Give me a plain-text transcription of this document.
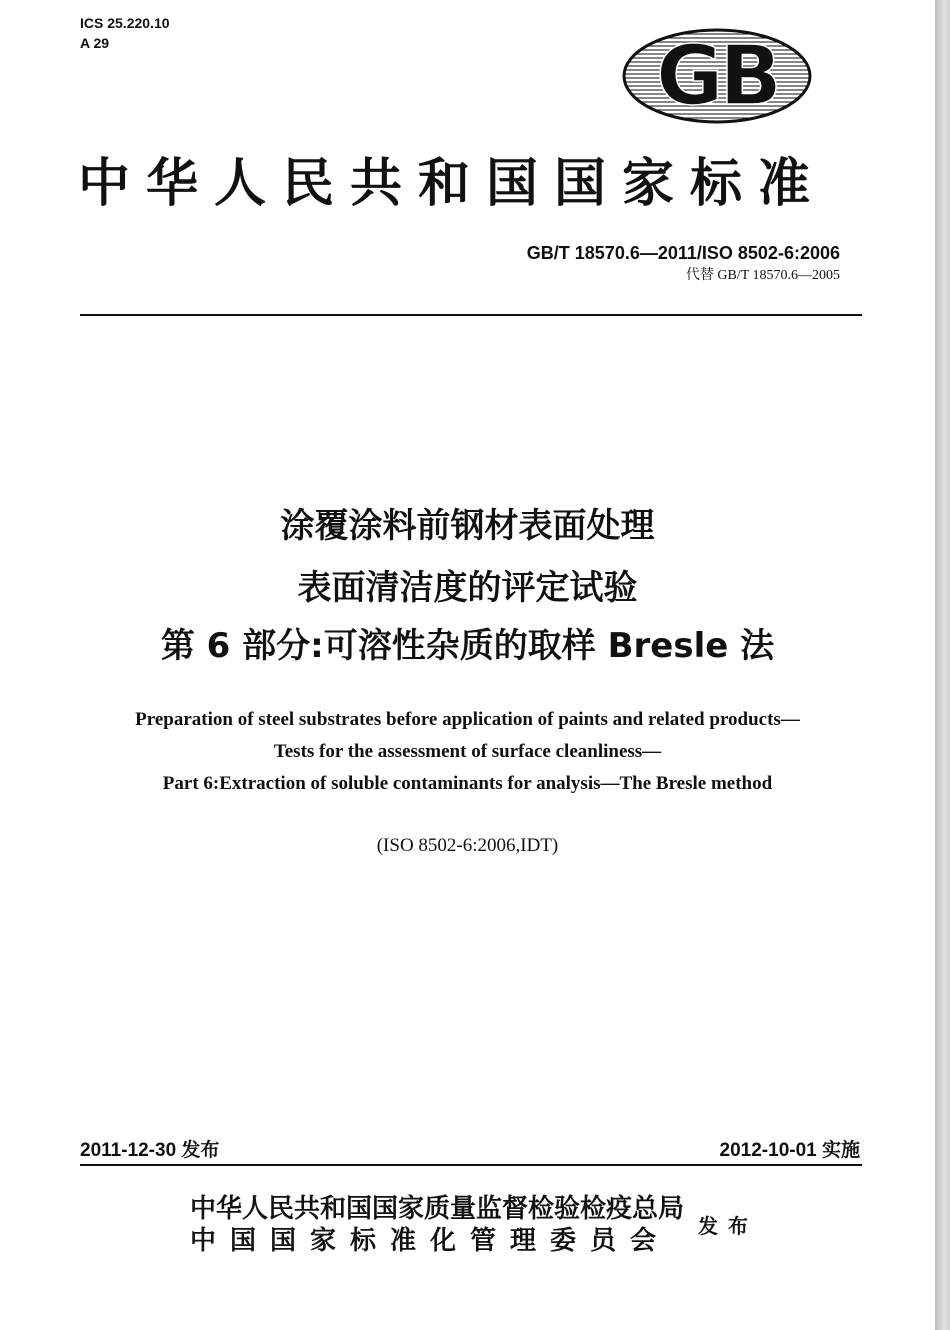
ICS 25.220.10
A 29	GB
中华人民共和国国家标准
GB/T 18570.6—2011/ISO 8502-6:2006
代替 GB/T 18570.6—2005
涂覆涂料前钢材表面处理
表面清洁度的评定试验
第 6 部分:可溶性杂质的取样 Bresle 法
Preparation of steel substrates before application of paints and related products—
Tests for the assessment of surface cleanliness—
Part 6:Extraction of soluble contaminants for analysis—The Bresle method
(ISO 8502-6:2006,IDT)
2011-12-30 发布	2012-10-01 实施
中华人民共和国国家质量监督检验检疫总局
中国国家标准化管理委员会 发布
